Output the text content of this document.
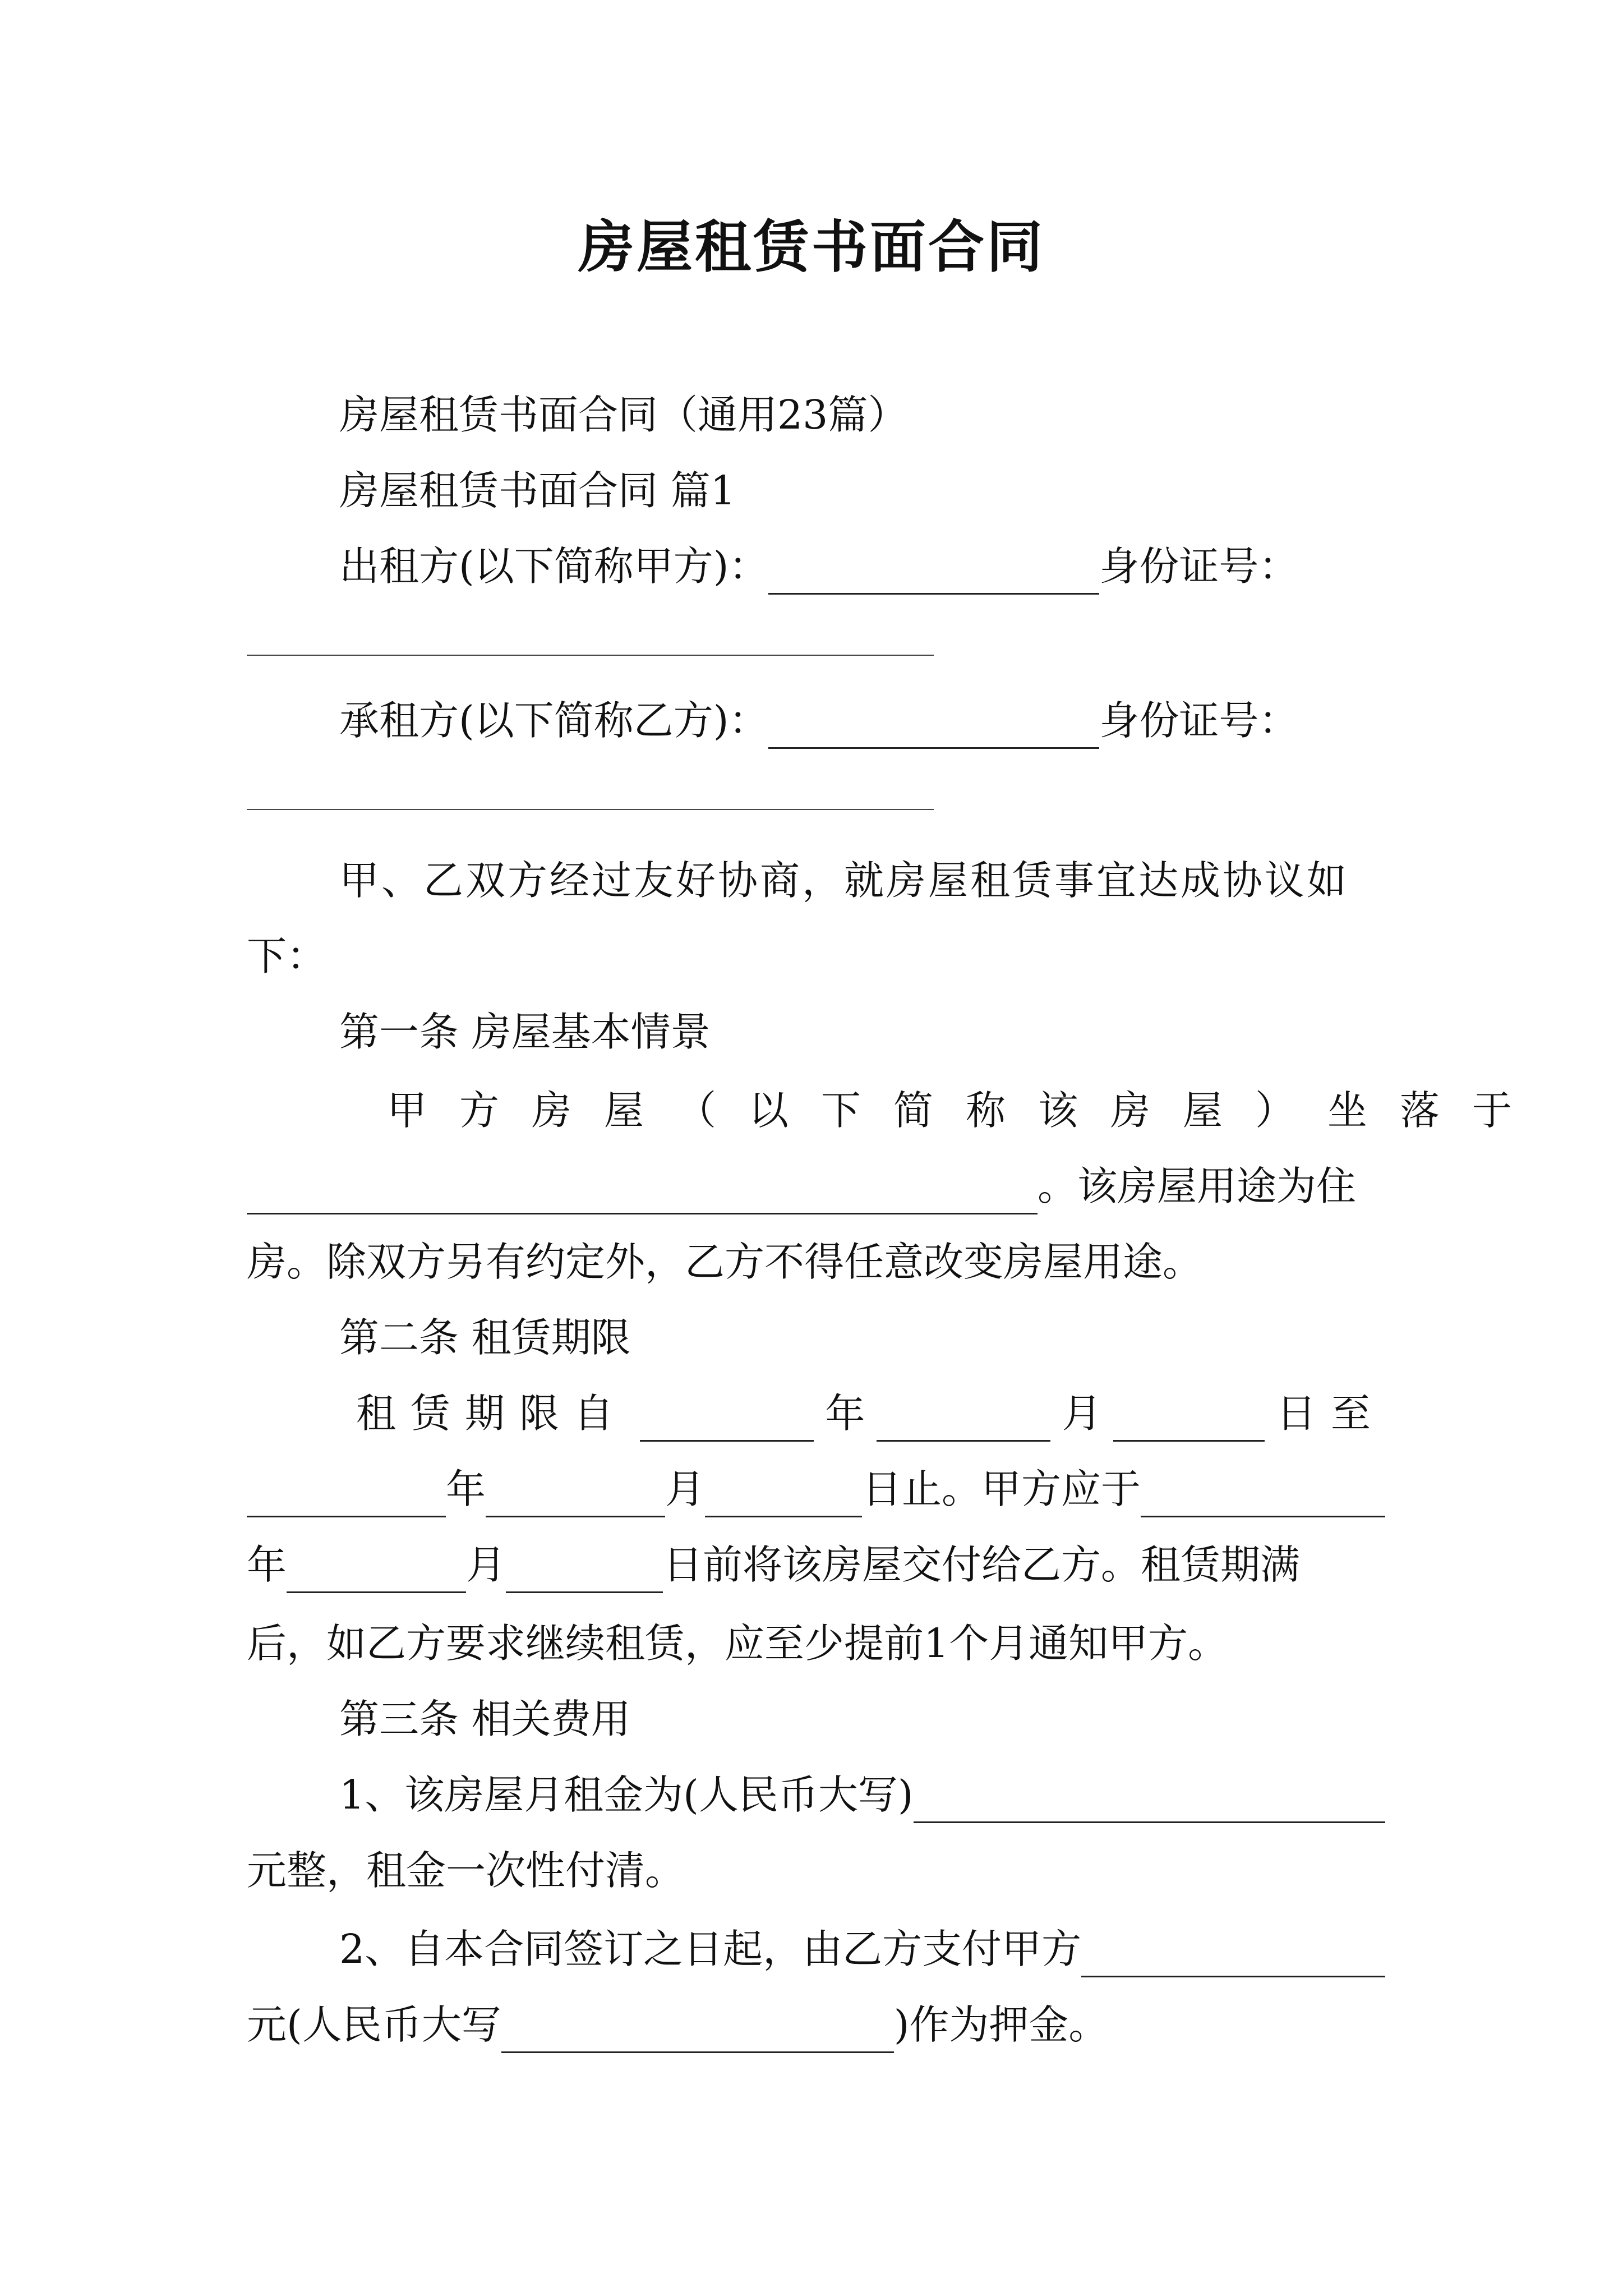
房屋租赁书面合同
房屋租赁书面合同（通用23篇）
房屋租赁书面合同 篇1
出租方(以下简称甲方)：	身份证号：
承租方(以下简称乙方)：	身份证号：
甲、乙双方经过友好协商，就房屋租赁事宜达成协议如
下：
第一条 房屋基本情景
甲方房屋（以下简称该房屋）坐落于
。该房屋用途为住
房。除双方另有约定外，乙方不得任意改变房屋用途。
第二条 租赁期限
租赁期限自	年	月	日至
年	月	日止。甲方应于
年	月	日前将该房屋交付给乙方。租赁期满
后，如乙方要求继续租赁，应至少提前1个月通知甲方。
第三条 相关费用
1、该房屋月租金为(人民币大写)
元整，租金一次性付清。
2、自本合同签订之日起，由乙方支付甲方
元(人民币大写	)作为押金。
